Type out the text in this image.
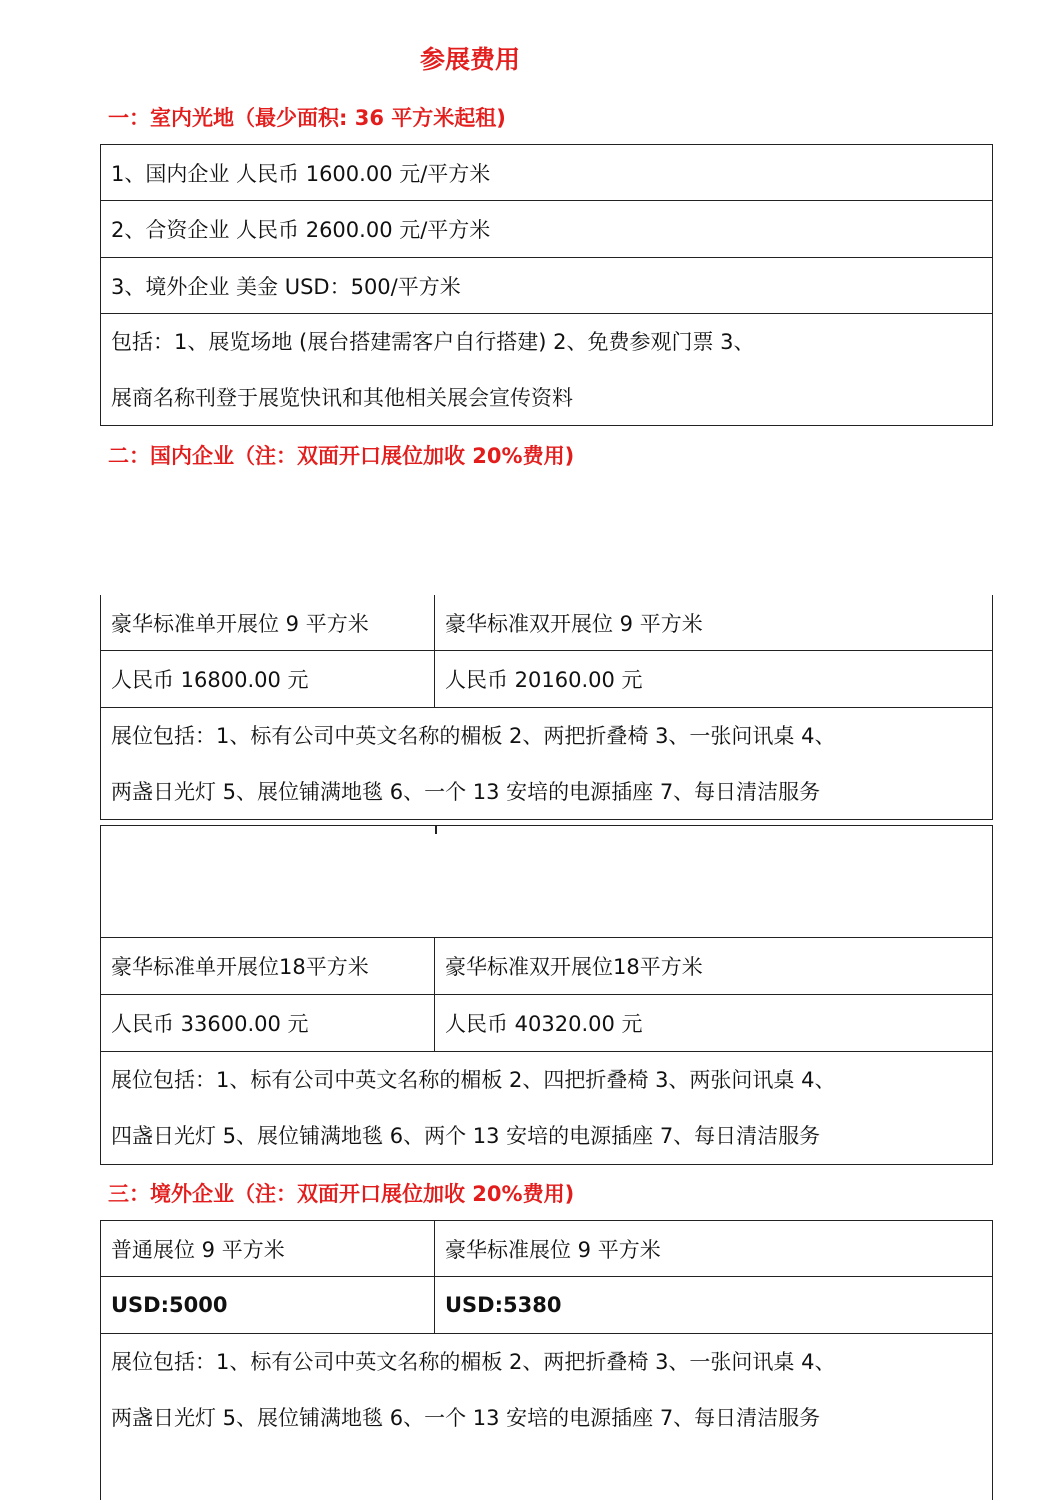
参展费用
一：室内光地（最少面积: 36 平方米起租)
1、国内企业 人民币 1600.00 元/平方米
2、合资企业 人民币 2600.00 元/平方米
3、境外企业 美金 USD：500/平方米
包括：1、展览场地 (展台搭建需客户自行搭建) 2、免费参观门票 3、
展商名称刊登于展览快讯和其他相关展会宣传资料
二：国内企业（注：双面开口展位加收 20%费用)
豪华标准单开展位 9 平方米	豪华标准双开展位 9 平方米
人民币 16800.00 元	人民币 20160.00 元
展位包括：1、标有公司中英文名称的楣板 2、两把折叠椅 3、一张问讯桌 4、
两盏日光灯 5、展位铺满地毯 6、一个 13 安培的电源插座 7、每日清洁服务
豪华标准单开展位18平方米	豪华标准双开展位18平方米
人民币 33600.00 元	人民币 40320.00 元
展位包括：1、标有公司中英文名称的楣板 2、四把折叠椅 3、两张问讯桌 4、
四盏日光灯 5、展位铺满地毯 6、两个 13 安培的电源插座 7、每日清洁服务
三：境外企业（注：双面开口展位加收 20%费用)
普通展位 9 平方米	豪华标准展位 9 平方米
USD:5000	USD:5380
展位包括：1、标有公司中英文名称的楣板 2、两把折叠椅 3、一张问讯桌 4、
两盏日光灯 5、展位铺满地毯 6、一个 13 安培的电源插座 7、每日清洁服务
